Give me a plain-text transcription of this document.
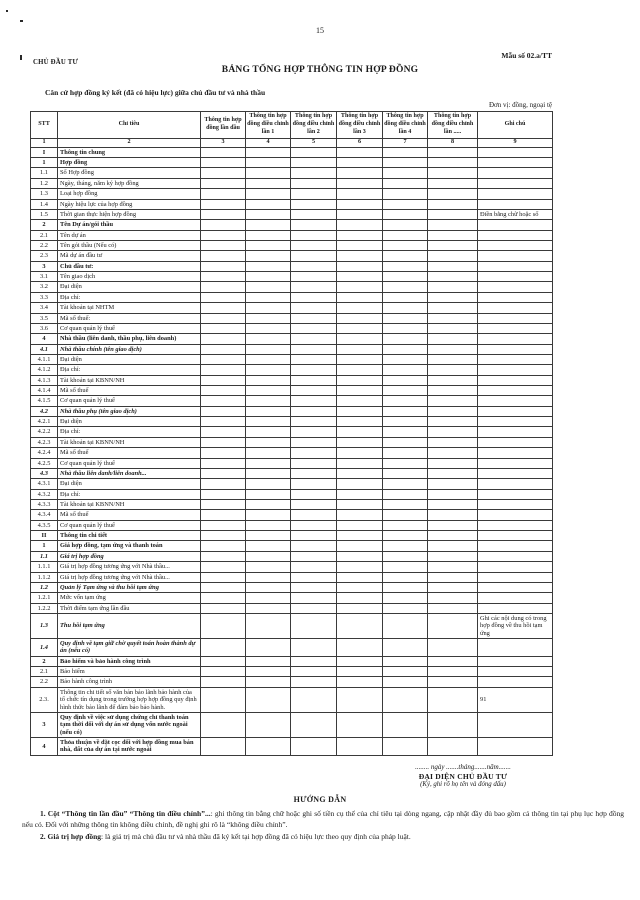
15
Mẫu số 02.a/TT
CHỦ ĐẦU TƯ
BẢNG TỔNG HỢP THÔNG TIN HỢP ĐỒNG
Căn cứ hợp đồng ký kết (đã có hiệu lực) giữa chủ đầu tư và nhà thầu
Đơn vị: đồng, ngoại tệ
STT	Chỉ tiêu	Thông tin hợp đồng lần đầu	Thông tin hợp đồng điều chỉnh lần 1	Thông tin hợp đồng điều chỉnh lần 2	Thông tin hợp đồng điều chỉnh lần 3	Thông tin hợp đồng điều chỉnh lần 4	Thông tin hợp đồng điều chỉnh lần .....	Ghi chú
1	2	3	4	5	6	7	8	9
I	Thông tin chung							
1	Hợp đồng							
1.1	Số Hợp đồng							
1.2	Ngày, tháng, năm ký hợp đồng							
1.3	Loại hợp đồng							
1.4	Ngày hiệu lực của hợp đồng							
1.5	Thời gian thực hiện hợp đồng							Điền bằng chữ hoặc số
2	Tên Dự án/gói thầu							
2.1	Tên dự án							
2.2	Tên gói thầu (Nếu có)							
2.3	Mã dự án đầu tư							
3	Chủ đầu tư:							
3.1	Tên giao dịch							
3.2	Đại diện							
3.3	Địa chỉ:							
3.4	Tài khoản tại NHTM							
3.5	Mã số thuế:							
3.6	Cơ quan quản lý thuế							
4	Nhà thầu (liên danh, thầu phụ, liên doanh)							
4.1	Nhà thầu chính (tên giao dịch)							
4.1.1	Đại diện							
4.1.2	Địa chỉ:							
4.1.3	Tài khoản tại KBNN/NH							
4.1.4	Mã số thuế							
4.1.5	Cơ quan quản lý thuế							
4.2	Nhà thầu phụ (tên giao dịch)							
4.2.1	Đại diện							
4.2.2	Địa chỉ:							
4.2.3	Tài khoản tại KBNN/NH							
4.2.4	Mã số thuế							
4.2.5	Cơ quan quản lý thuế							
4.3	Nhà thầu liên danh/liên doanh...							
4.3.1	Đại diện							
4.3.2	Địa chỉ:							
4.3.3	Tài khoản tại KBNN/NH							
4.3.4	Mã số thuế							
4.3.5	Cơ quan quản lý thuế							
II	Thông tin chi tiết							
1	Giá hợp đồng, tạm ứng và thanh toán							
1.1	Giá trị hợp đồng							
1.1.1	Giá trị hợp đồng tương ứng với Nhà thầu...							
1.1.2	Giá trị hợp đồng tương ứng với Nhà thầu...							
1.2	Quản lý Tạm ứng và thu hồi tạm ứng							
1.2.1	Mức vốn tạm ứng							
1.2.2	Thời điểm tạm ứng lần đầu							
1.3	Thu hồi tạm ứng							Ghi các nội dung có trong hợp đồng về thu hồi tạm ứng
1.4	Quy định về tạm giữ chờ quyết toán hoàn thành dự án (nếu có)							
2	Bảo hiểm và bảo hành công trình							
2.1	Bảo hiểm							
2.2	Bảo hành công trình							
2.3.	Thông tin chi tiết số văn bản bảo lãnh bảo hành của tổ chức tín dụng trong trường hợp hợp đồng quy định hình thức bảo lãnh để đảm bảo bảo hành.							91
3	Quy định về việc sử dụng chứng chỉ thanh toán tạm thời đối với dự án sử dụng vốn nước ngoài (nếu có)							
4	Thỏa thuận về đặt cọc đối với hợp đồng mua bán nhà, đất của dự án tại nước ngoài							
........ ngày .......tháng.......năm.......
ĐẠI DIỆN CHỦ ĐẦU TƯ
(Ký, ghi rõ họ tên và đóng dấu)
HƯỚNG DẪN

1. Cột “Thông tin lần đầu” “Thông tin điều chỉnh”...: ghi thông tin bằng chữ hoặc ghi số tiền cụ thể của chỉ tiêu tại dòng ngang, cập nhật đầy đủ bao gồm cả thông tin tại phụ lục hợp đồng nếu có. Đối với những thông tin không điều chỉnh, đề nghị ghi rõ là “không điều chỉnh”.

2. Giá trị hợp đồng: là giá trị mà chủ đầu tư và nhà thầu đã ký kết tại hợp đồng đã có hiệu lực theo quy định của pháp luật.
